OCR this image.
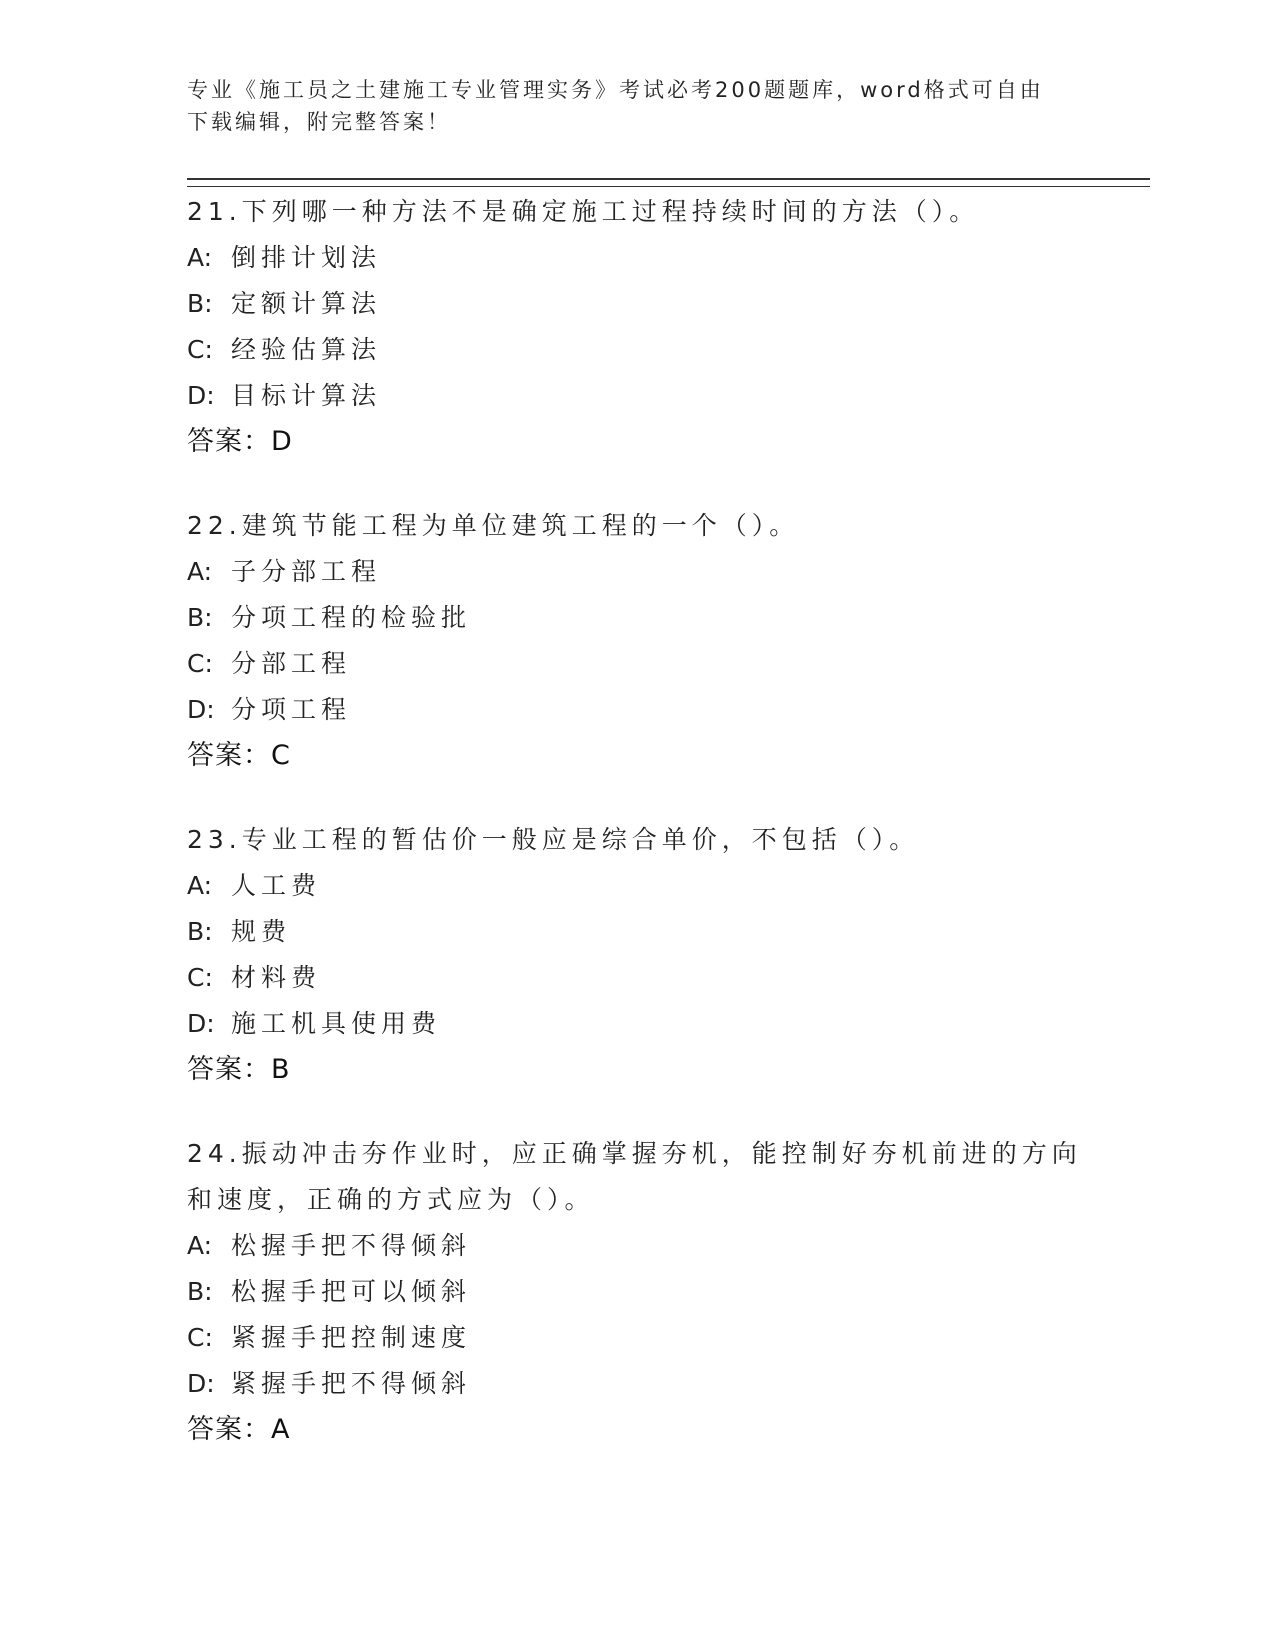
专业《施工员之土建施工专业管理实务》考试必考200题题库，word格式可自由
下载编辑，附完整答案！
21.下列哪一种方法不是确定施工过程持续时间的方法（）。
A: 倒排计划法
B: 定额计算法
C: 经验估算法
D: 目标计算法
答案：D
22.建筑节能工程为单位建筑工程的一个（）。
A: 子分部工程
B: 分项工程的检验批
C: 分部工程
D: 分项工程
答案：C
23.专业工程的暂估价一般应是综合单价，不包括（）。
A: 人工费
B: 规费
C: 材料费
D: 施工机具使用费
答案：B
24.振动冲击夯作业时，应正确掌握夯机，能控制好夯机前进的方向和速度，正确的方式应为（）。
A: 松握手把不得倾斜
B: 松握手把可以倾斜
C: 紧握手把控制速度
D: 紧握手把不得倾斜
答案：A
